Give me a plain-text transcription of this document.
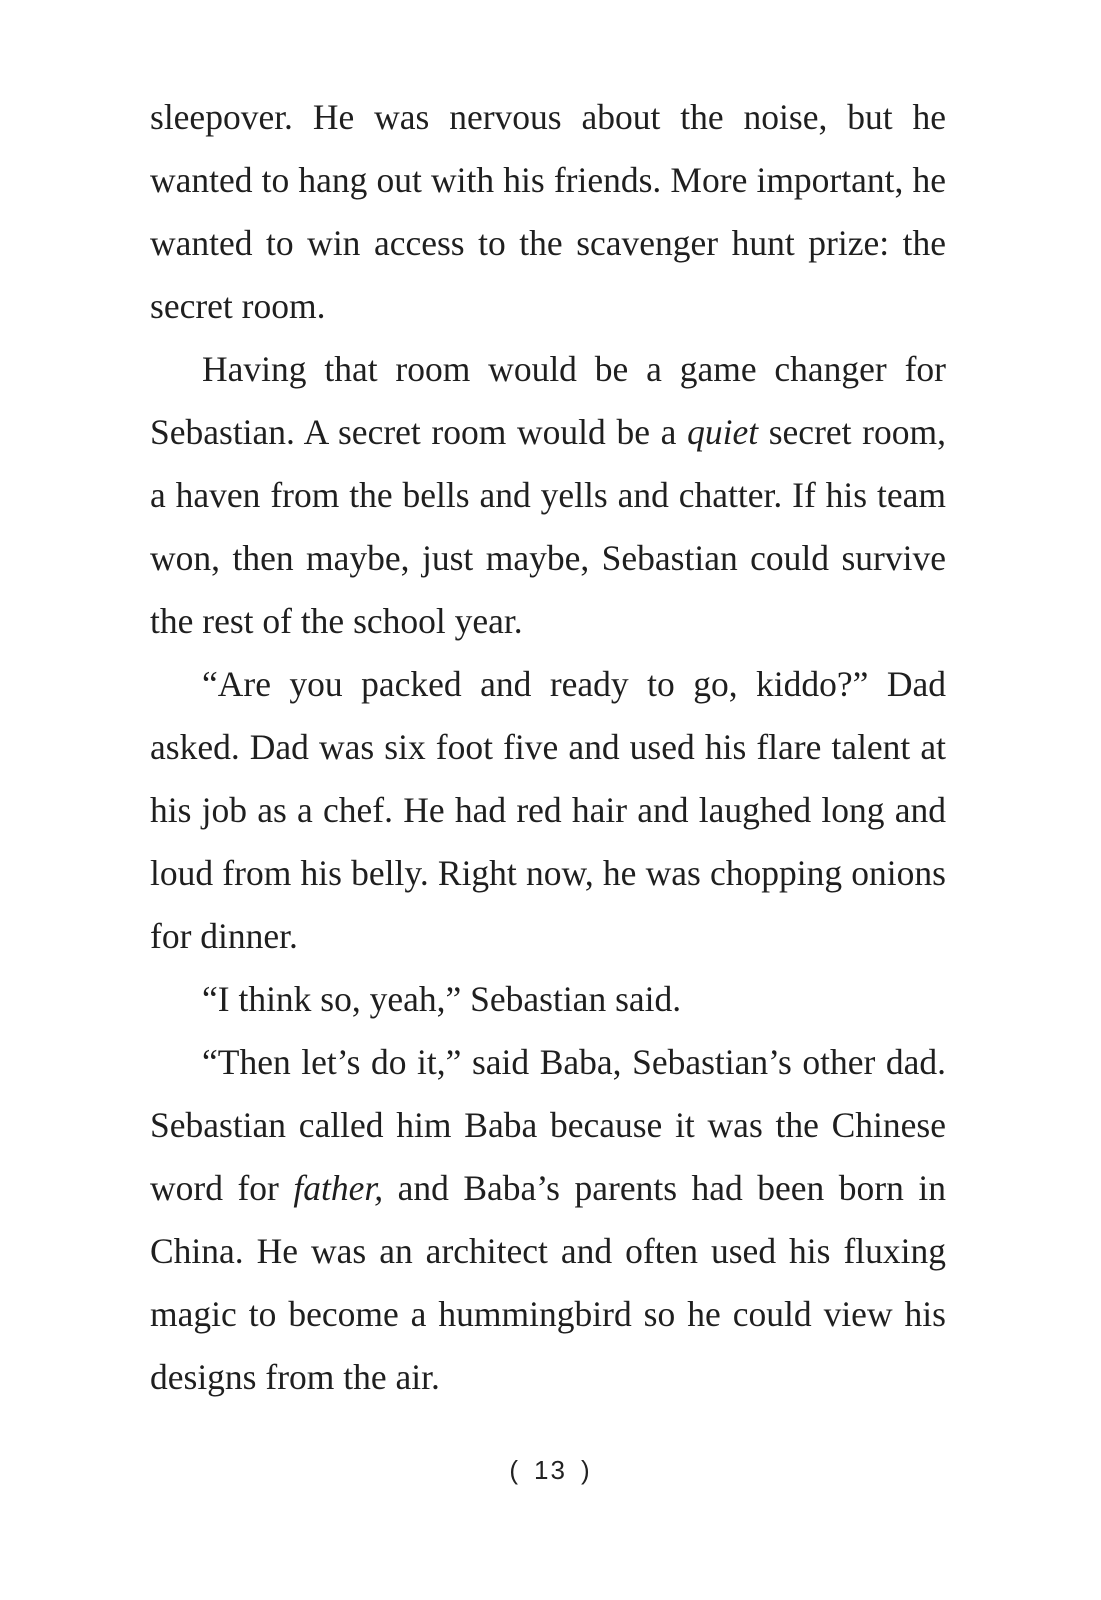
sleepover. He was nervous about the noise, but he wanted to hang out with his friends. More important, he wanted to win access to the scavenger hunt prize: the secret room.

Having that room would be a game changer for Sebastian. A secret room would be a quiet secret room, a haven from the bells and yells and chatter. If his team won, then maybe, just maybe, Sebastian could survive the rest of the school year.

“Are you packed and ready to go, kiddo?” Dad asked. Dad was six foot five and used his flare talent at his job as a chef. He had red hair and laughed long and loud from his belly. Right now, he was chopping onions for dinner.

“I think so, yeah,” Sebastian said.

“Then let’s do it,” said Baba, Sebastian’s other dad. Sebastian called him Baba because it was the Chinese word for father, and Baba’s parents had been born in China. He was an architect and often used his fluxing magic to become a hummingbird so he could view his designs from the air.

( 13 )
